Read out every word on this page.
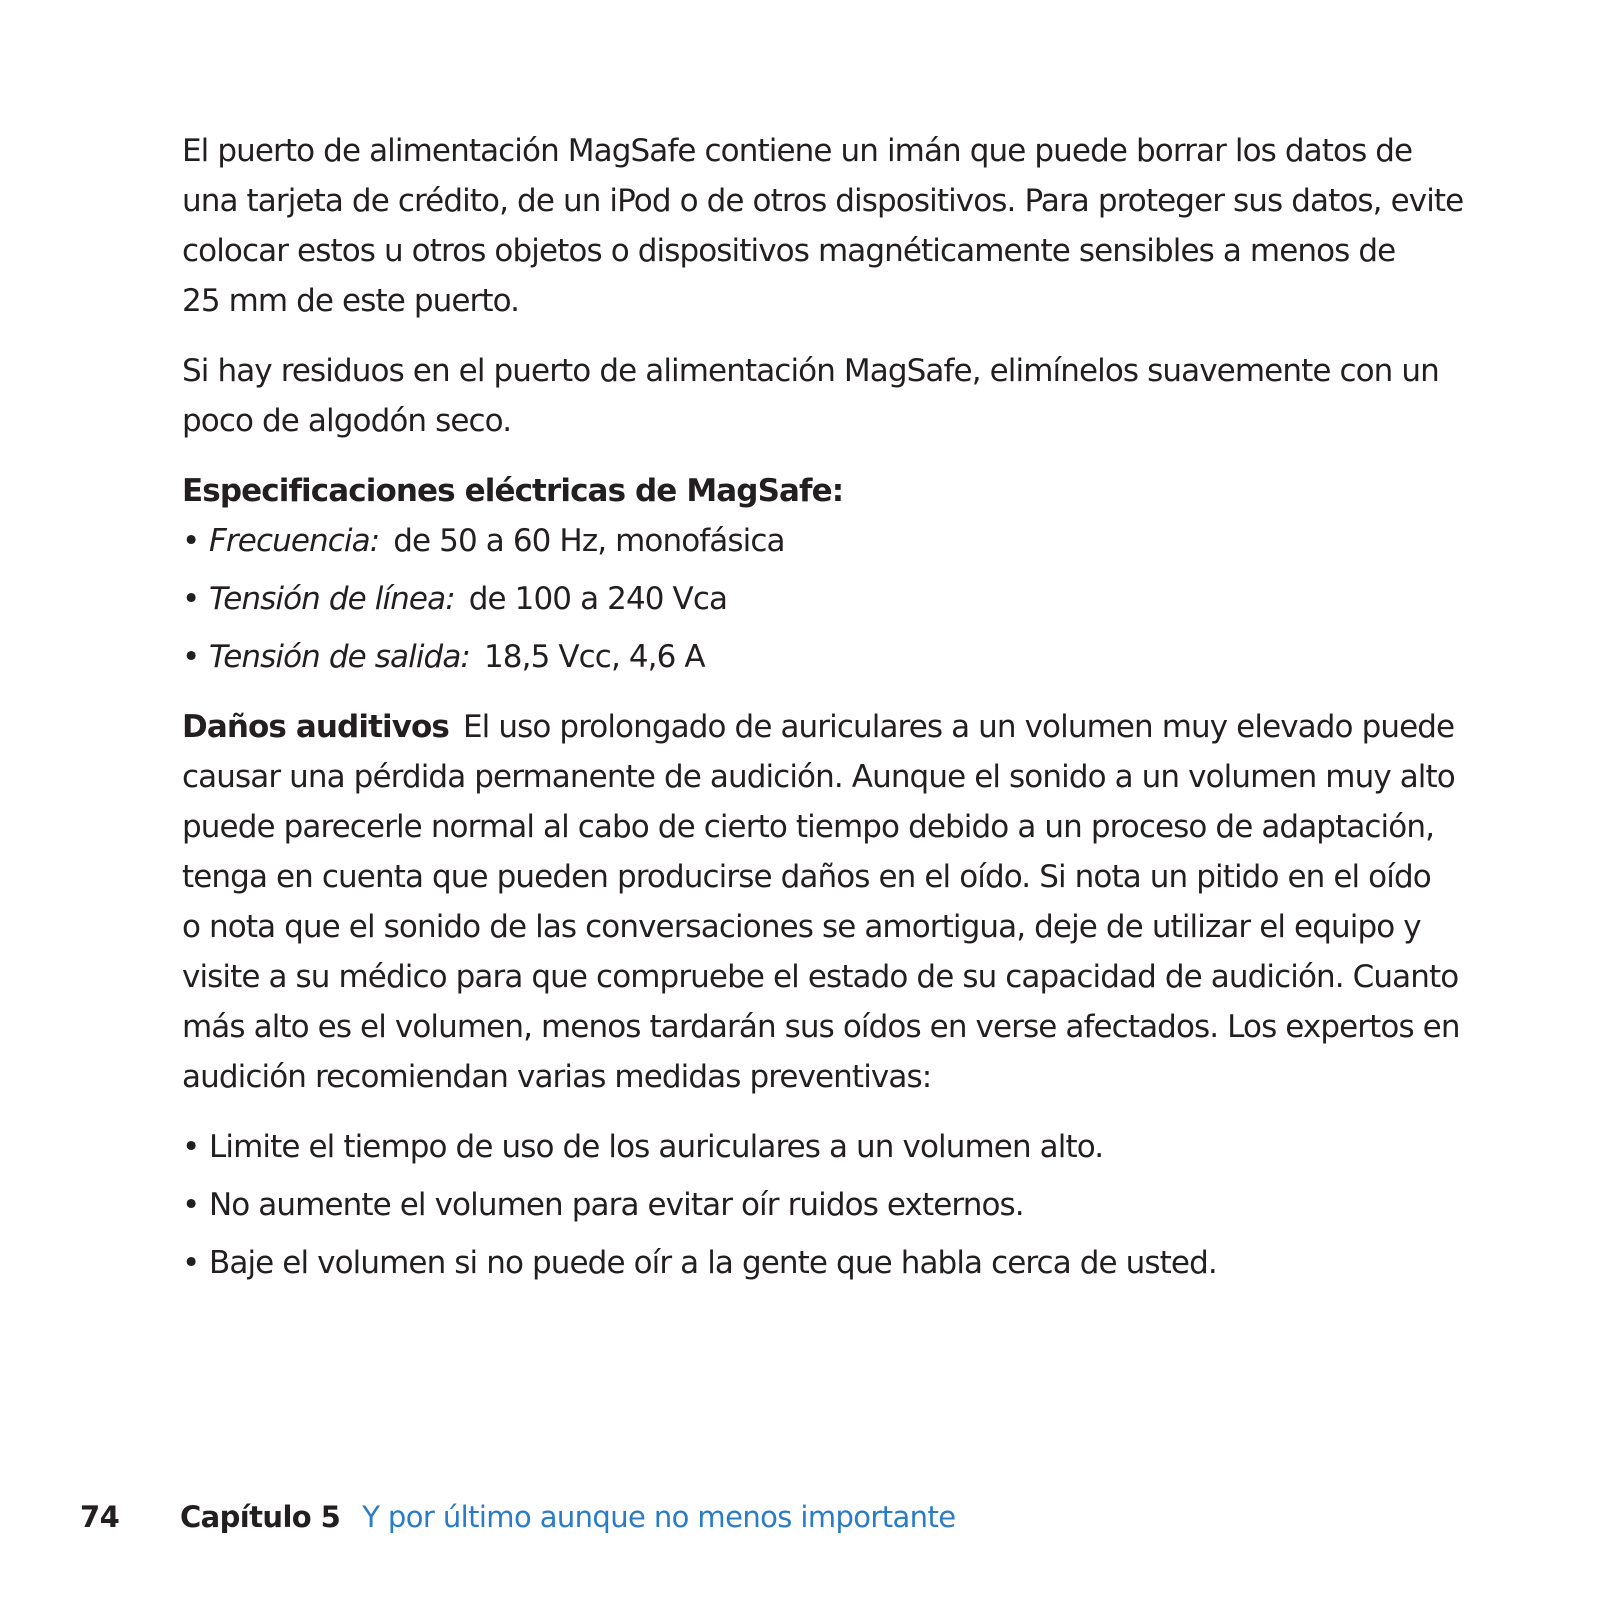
El puerto de alimentación MagSafe contiene un imán que puede borrar los datos de
una tarjeta de crédito, de un iPod o de otros dispositivos. Para proteger sus datos, evite
colocar estos u otros objetos o dispositivos magnéticamente sensibles a menos de
25 mm de este puerto.

Si hay residuos en el puerto de alimentación MagSafe, elimínelos suavemente con un
poco de algodón seco.

Especificaciones eléctricas de MagSafe:
• Frecuencia: de 50 a 60 Hz, monofásica
• Tensión de línea: de 100 a 240 Vca
• Tensión de salida: 18,5 Vcc, 4,6 A

Daños auditivos El uso prolongado de auriculares a un volumen muy elevado puede
causar una pérdida permanente de audición. Aunque el sonido a un volumen muy alto
puede parecerle normal al cabo de cierto tiempo debido a un proceso de adaptación,
tenga en cuenta que pueden producirse daños en el oído. Si nota un pitido en el oído
o nota que el sonido de las conversaciones se amortigua, deje de utilizar el equipo y
visite a su médico para que compruebe el estado de su capacidad de audición. Cuanto
más alto es el volumen, menos tardarán sus oídos en verse afectados. Los expertos en
audición recomiendan varias medidas preventivas:

• Limite el tiempo de uso de los auriculares a un volumen alto.
• No aumente el volumen para evitar oír ruidos externos.
• Baje el volumen si no puede oír a la gente que habla cerca de usted.
74 Capítulo 5 Y por último aunque no menos importante
